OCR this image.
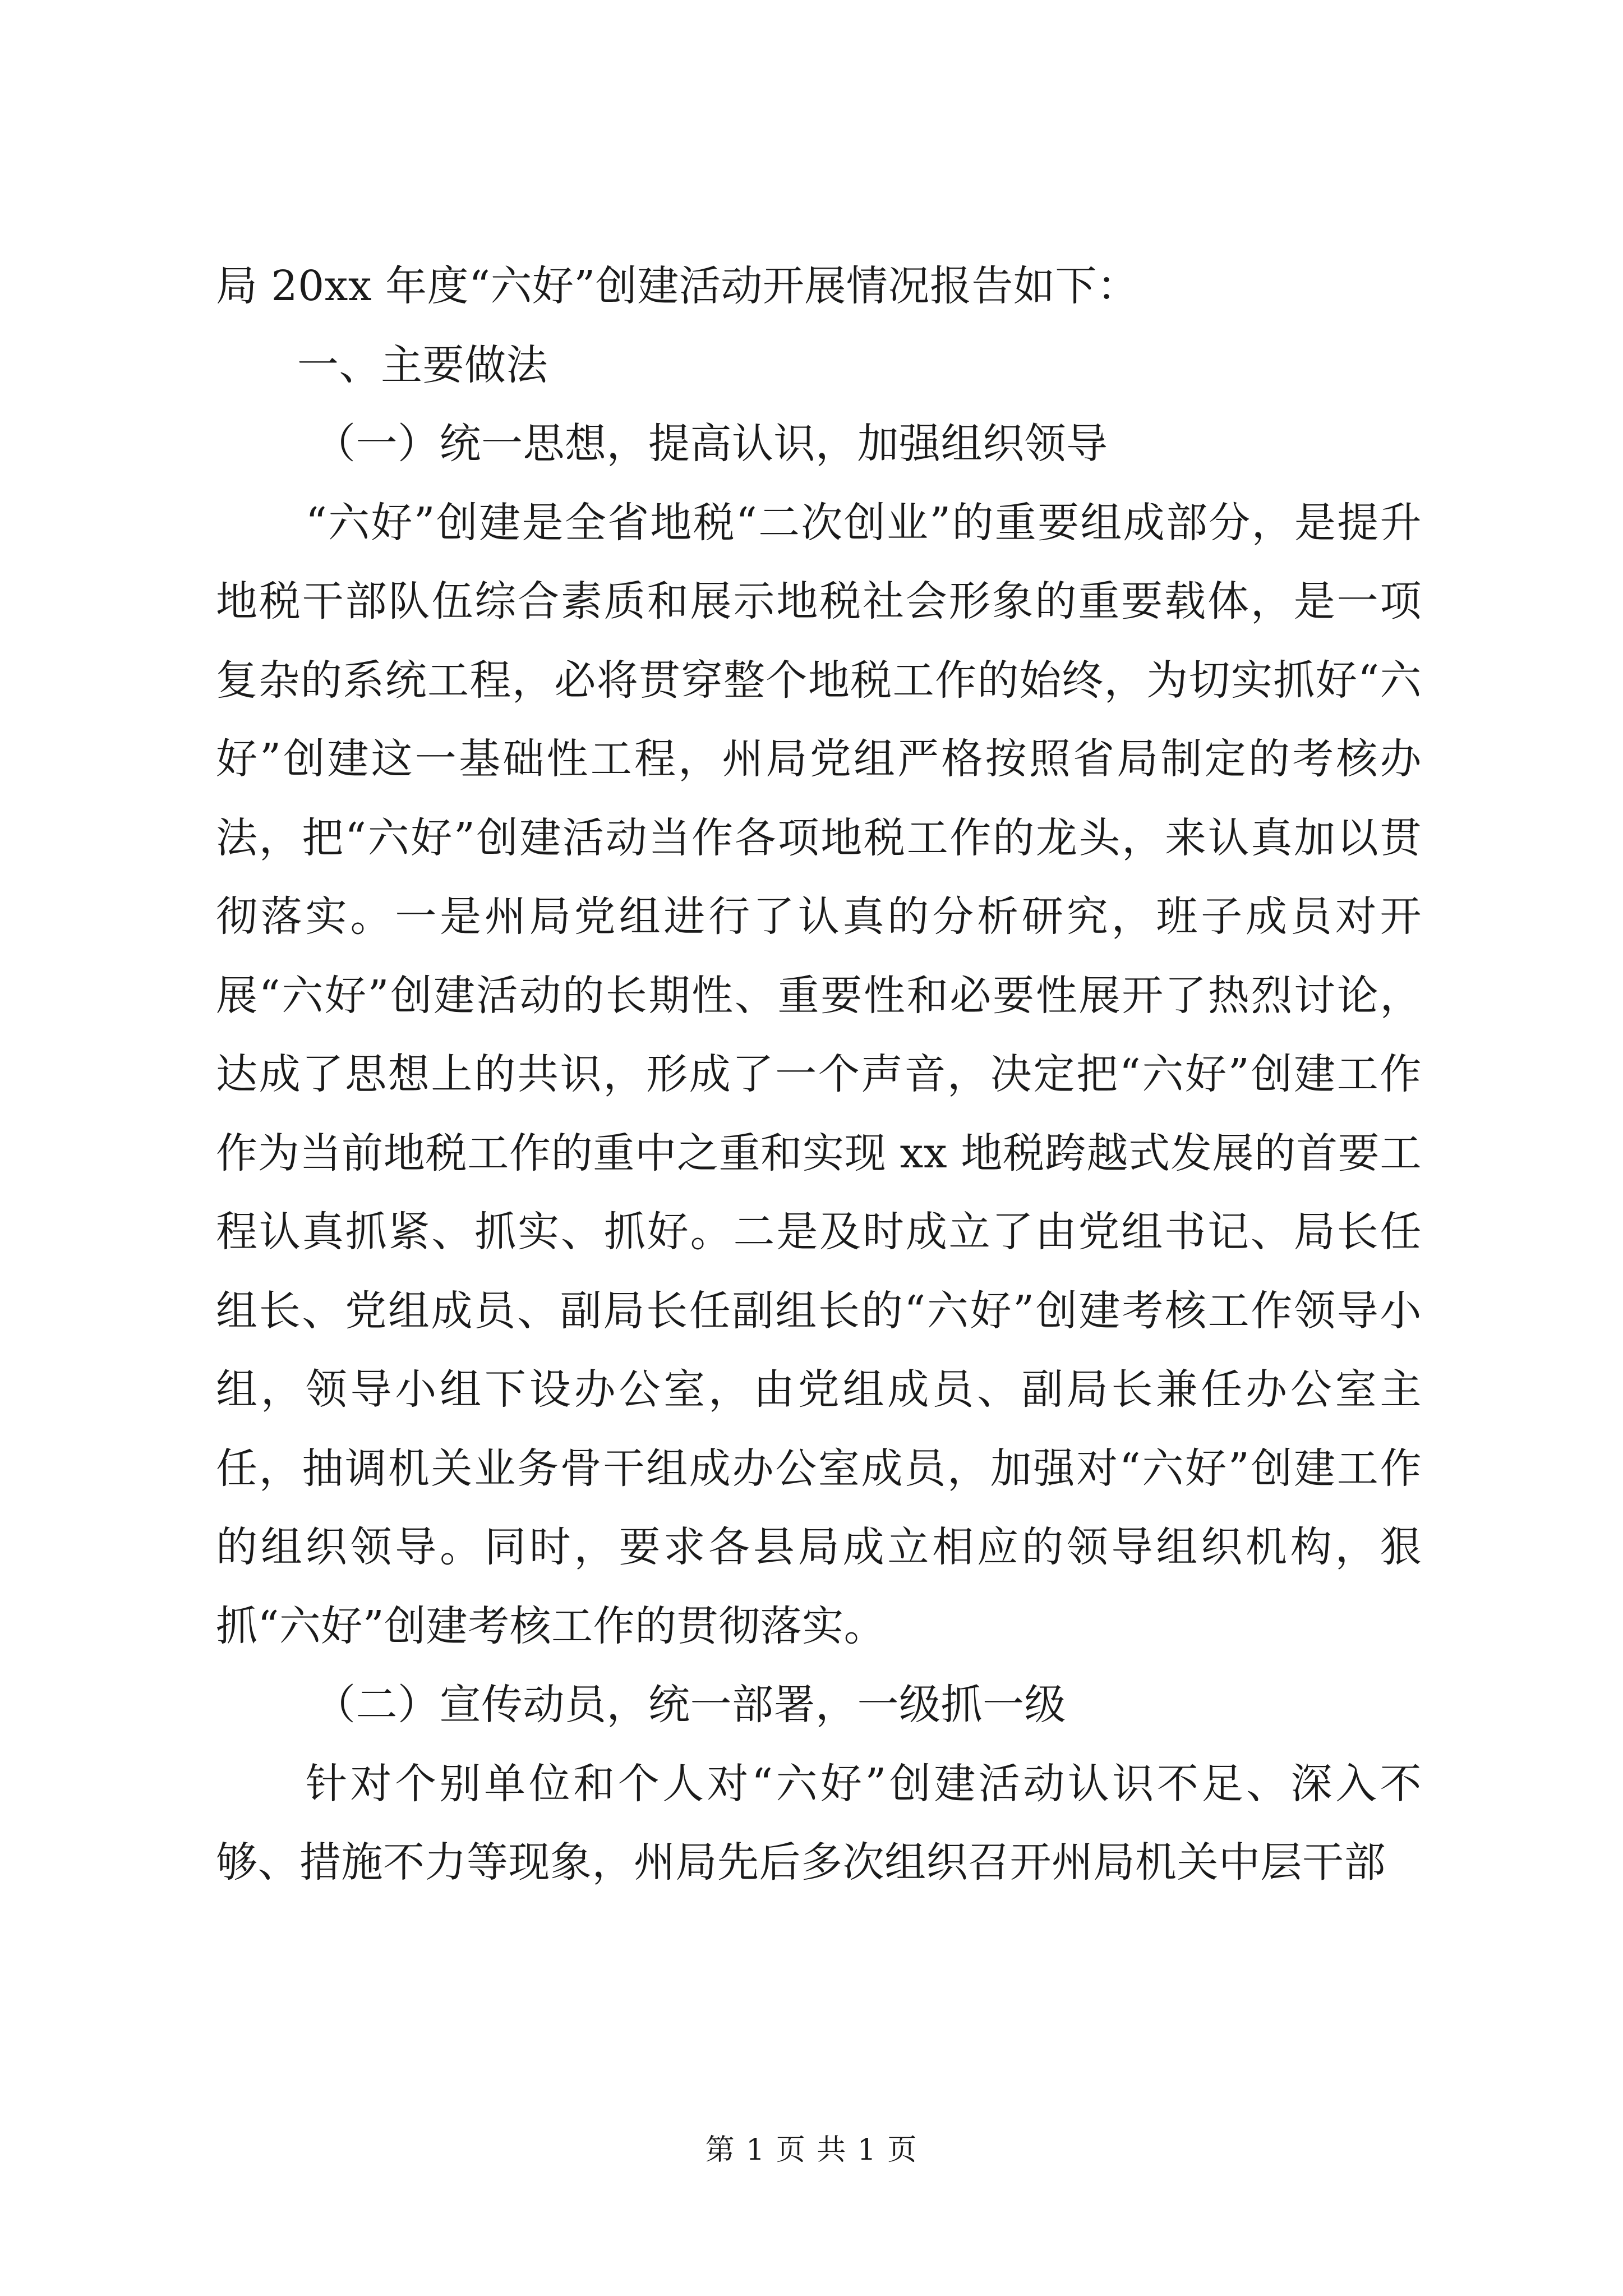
局 20xx 年度“六好”创建活动开展情况报告如下：

一、主要做法

（一）统一思想，提高认识，加强组织领导

“六好”创建是全省地税“二次创业”的重要组成部分，是提升地税干部队伍综合素质和展示地税社会形象的重要载体，是一项复杂的系统工程，必将贯穿整个地税工作的始终，为切实抓好“六好”创建这一基础性工程，州局党组严格按照省局制定的考核办法，把“六好”创建活动当作各项地税工作的龙头，来认真加以贯彻落实。一是州局党组进行了认真的分析研究，班子成员对开展“六好”创建活动的长期性、重要性和必要性展开了热烈讨论，达成了思想上的共识，形成了一个声音，决定把“六好”创建工作作为当前地税工作的重中之重和实现 xx 地税跨越式发展的首要工程认真抓紧、抓实、抓好。二是及时成立了由党组书记、局长任组长、党组成员、副局长任副组长的“六好”创建考核工作领导小组，领导小组下设办公室，由党组成员、副局长兼任办公室主任，抽调机关业务骨干组成办公室成员，加强对“六好”创建工作的组织领导。同时，要求各县局成立相应的领导组织机构，狠抓“六好”创建考核工作的贯彻落实。

（二）宣传动员，统一部署，一级抓一级

针对个别单位和个人对“六好”创建活动认识不足、深入不够、措施不力等现象，州局先后多次组织召开州局机关中层干部

第 1 页 共 1 页
